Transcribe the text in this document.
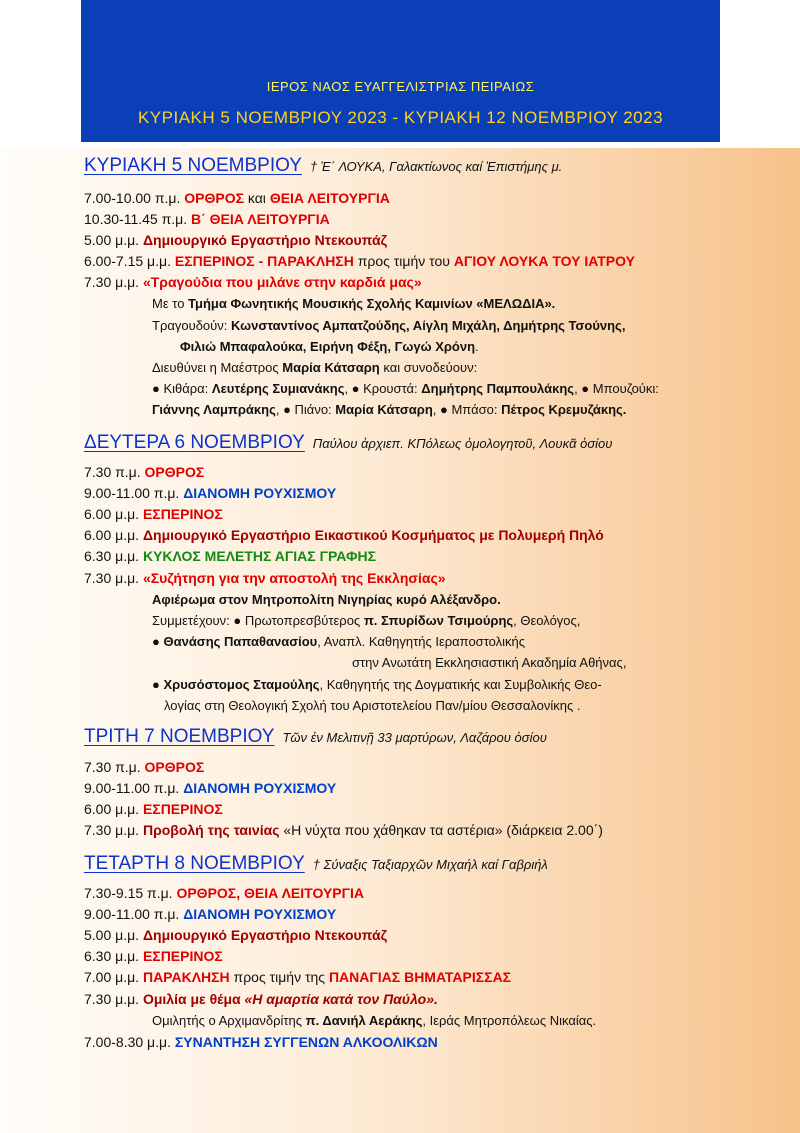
ΙΕΡΟΣ ΝΑΟΣ ΕΥΑΓΓΕΛΙΣΤΡΙΑΣ ΠΕΙΡΑΙΩΣ
ΚΥΡΙΑΚΗ 5 ΝΟΕΜΒΡΙΟΥ 2023 - ΚΥΡΙΑΚΗ 12 ΝΟΕΜΒΡΙΟΥ 2023
ΚΥΡΙΑΚΗ 5 ΝΟΕΜΒΡΙΟΥ † Ἑ΄ ΛΟΥΚΑ, Γαλακτίωνος καί Ἐπιστήμης μ.
7.00-10.00 π.μ. ΟΡΘΡΟΣ και ΘΕΙΑ ΛΕΙΤΟΥΡΓΙΑ
10.30-11.45 π.μ. Β΄ ΘΕΙΑ ΛΕΙΤΟΥΡΓΙΑ
5.00 μ.μ. Δημιουργικό Εργαστήριο Ντεκουπάζ
6.00-7.15 μ.μ. ΕΣΠΕΡΙΝΟΣ - ΠΑΡΑΚΛΗΣΗ προς τιμήν του ΑΓΙΟΥ ΛΟΥΚΑ ΤΟΥ ΙΑΤΡΟΥ
7.30 μ.μ. «Τραγούδια που μιλάνε στην καρδιά μας»
Με το Τμήμα Φωνητικής Μουσικής Σχολής Καμινίων «ΜΕΛΩΔΙΑ».
Τραγουδούν: Κωνσταντίνος Αμπατζούδης, Αίγλη Μιχάλη, Δημήτρης Τσούνης,
Φιλιώ Μπαφαλούκα, Ειρήνη Φέξη, Γωγώ Χρόνη.
Διευθύνει η Μαέστρος Μαρία Κάτσαρη και συνοδεύουν:
● Κιθάρα: Λευτέρης Συμιανάκης, ● Κρουστά: Δημήτρης Παμπουλάκης, ● Μπουζούκι:
Γιάννης Λαμπράκης, ● Πιάνο: Μαρία Κάτσαρη, ● Μπάσο: Πέτρος Κρεμυζάκης.
ΔΕΥΤΕΡΑ 6 ΝΟΕΜΒΡΙΟΥ Παύλου ἀρχιεπ. ΚΠόλεως ὁμολογητοῦ, Λουκᾶ ὁσίου
7.30 π.μ. ΟΡΘΡΟΣ
9.00-11.00 π.μ. ΔΙΑΝΟΜΗ ΡΟΥΧΙΣΜΟΥ
6.00 μ.μ. ΕΣΠΕΡΙΝΟΣ
6.00 μ.μ. Δημιουργικό Εργαστήριο Εικαστικού Κοσμήματος με Πολυμερή Πηλό
6.30 μ.μ. ΚΥΚΛΟΣ ΜΕΛΕΤΗΣ ΑΓΙΑΣ ΓΡΑΦΗΣ
7.30 μ.μ. «Συζήτηση για την αποστολή της Εκκλησίας»
Αφιέρωμα στον Μητροπολίτη Νιγηρίας κυρό Αλέξανδρο.
Συμμετέχουν: ● Πρωτοπρεσβύτερος π. Σπυρίδων Τσιμούρης, Θεολόγος,
● Θανάσης Παπαθανασίου, Αναπλ. Καθηγητής Ιεραποστολικής
στην Ανωτάτη Εκκλησιαστική Ακαδημία Αθήνας,
● Χρυσόστομος Σταμούλης, Καθηγητής της Δογματικής και Συμβολικής Θεο-
λογίας στη Θεολογική Σχολή του Αριστοτελείου Παν/μίου Θεσσαλονίκης .
ΤΡΙΤΗ 7 ΝΟΕΜΒΡΙΟΥ Τῶν ἐν Μελιτινῇ 33 μαρτύρων, Λαζάρου ὁσίου
7.30 π.μ. ΟΡΘΡΟΣ
9.00-11.00 π.μ. ΔΙΑΝΟΜΗ ΡΟΥΧΙΣΜΟΥ
6.00 μ.μ. ΕΣΠΕΡΙΝΟΣ
7.30 μ.μ. Προβολή της ταινίας «Η νύχτα που χάθηκαν τα αστέρια» (διάρκεια 2.00΄)
ΤΕΤΑΡΤΗ 8 ΝΟΕΜΒΡΙΟΥ † Σύναξις Ταξιαρχῶν Μιχαήλ καί Γαβριήλ
7.30-9.15 π.μ. ΟΡΘΡΟΣ, ΘΕΙΑ ΛΕΙΤΟΥΡΓΙΑ
9.00-11.00 π.μ. ΔΙΑΝΟΜΗ ΡΟΥΧΙΣΜΟΥ
5.00 μ.μ. Δημιουργικό Εργαστήριο Ντεκουπάζ
6.30 μ.μ. ΕΣΠΕΡΙΝΟΣ
7.00 μ.μ. ΠΑΡΑΚΛΗΣΗ προς τιμήν της ΠΑΝΑΓΙΑΣ ΒΗΜΑΤΑΡΙΣΣΑΣ
7.30 μ.μ. Ομιλία με θέμα «Η αμαρτία κατά τον Παύλο».
Ομιλητής ο Αρχιμανδρίτης π. Δανιήλ Αεράκης, Ιεράς Μητροπόλεως Νικαίας.
7.00-8.30 μ.μ. ΣΥΝΑΝΤΗΣΗ ΣΥΓΓΕΝΩΝ ΑΛΚΟΟΛΙΚΩΝ
